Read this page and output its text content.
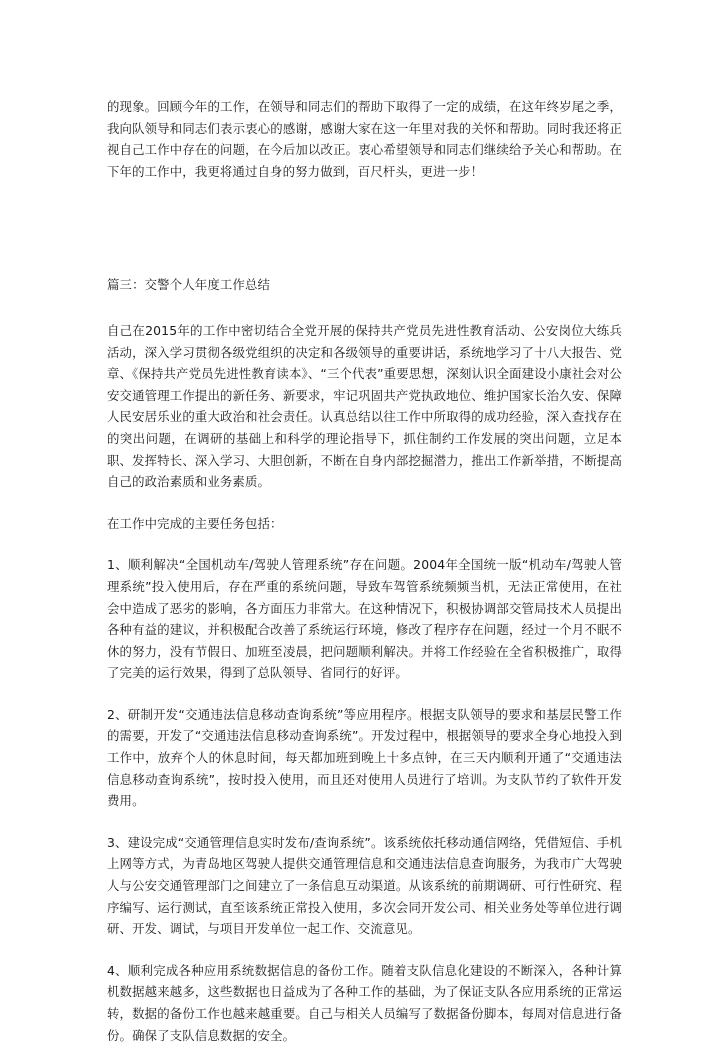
的现象。回顾今年的工作，在领导和同志们的帮助下取得了一定的成绩，在这年终岁尾之季，我向队领导和同志们表示衷心的感谢，感谢大家在这一年里对我的关怀和帮助。同时我还将正视自己工作中存在的问题，在今后加以改正。衷心希望领导和同志们继续给予关心和帮助。在下年的工作中，我更将通过自身的努力做到，百尺杆头，更进一步！

篇三：交警个人年度工作总结

自己在2015年的工作中密切结合全党开展的保持共产党员先进性教育活动、公安岗位大练兵活动，深入学习贯彻各级党组织的决定和各级领导的重要讲话，系统地学习了十八大报告、党章、《保持共产党员先进性教育读本》、“三个代表”重要思想，深刻认识全面建设小康社会对公安交通管理工作提出的新任务、新要求，牢记巩固共产党执政地位、维护国家长治久安、保障人民安居乐业的重大政治和社会责任。认真总结以往工作中所取得的成功经验，深入查找存在的突出问题，在调研的基础上和科学的理论指导下，抓住制约工作发展的突出问题，立足本职、发挥特长、深入学习、大胆创新，不断在自身内部挖掘潜力，推出工作新举措，不断提高自己的政治素质和业务素质。

在工作中完成的主要任务包括：

1、顺利解决“全国机动车/驾驶人管理系统”存在问题。2004年全国统一版“机动车/驾驶人管理系统”投入使用后，存在严重的系统问题，导致车驾管系统频频当机，无法正常使用，在社会中造成了恶劣的影响，各方面压力非常大。在这种情况下，积极协调部交管局技术人员提出各种有益的建议，并积极配合改善了系统运行环境，修改了程序存在问题，经过一个月不眠不休的努力，没有节假日、加班至凌晨，把问题顺利解决。并将工作经验在全省积极推广，取得了完美的运行效果，得到了总队领导、省同行的好评。

2、研制开发“交通违法信息移动查询系统”等应用程序。根据支队领导的要求和基层民警工作的需要，开发了“交通违法信息移动查询系统”。开发过程中，根据领导的要求全身心地投入到工作中，放弃个人的休息时间，每天都加班到晚上十多点钟，在三天内顺利开通了“交通违法信息移动查询系统”，按时投入使用，而且还对使用人员进行了培训。为支队节约了软件开发费用。

3、建设完成“交通管理信息实时发布/查询系统”。该系统依托移动通信网络，凭借短信、手机上网等方式，为青岛地区驾驶人提供交通管理信息和交通违法信息查询服务，为我市广大驾驶人与公安交通管理部门之间建立了一条信息互动渠道。从该系统的前期调研、可行性研究、程序编写、运行测试，直至该系统正常投入使用，多次会同开发公司、相关业务处等单位进行调研、开发、调试，与项目开发单位一起工作、交流意见。

4、顺利完成各种应用系统数据信息的备份工作。随着支队信息化建设的不断深入，各种计算机数据越来越多，这些数据也日益成为了各种工作的基础，为了保证支队各应用系统的正常运转，数据的备份工作也越来越重要。自己与相关人员编写了数据备份脚本，每周对信息进行备份。确保了支队信息数据的安全。
